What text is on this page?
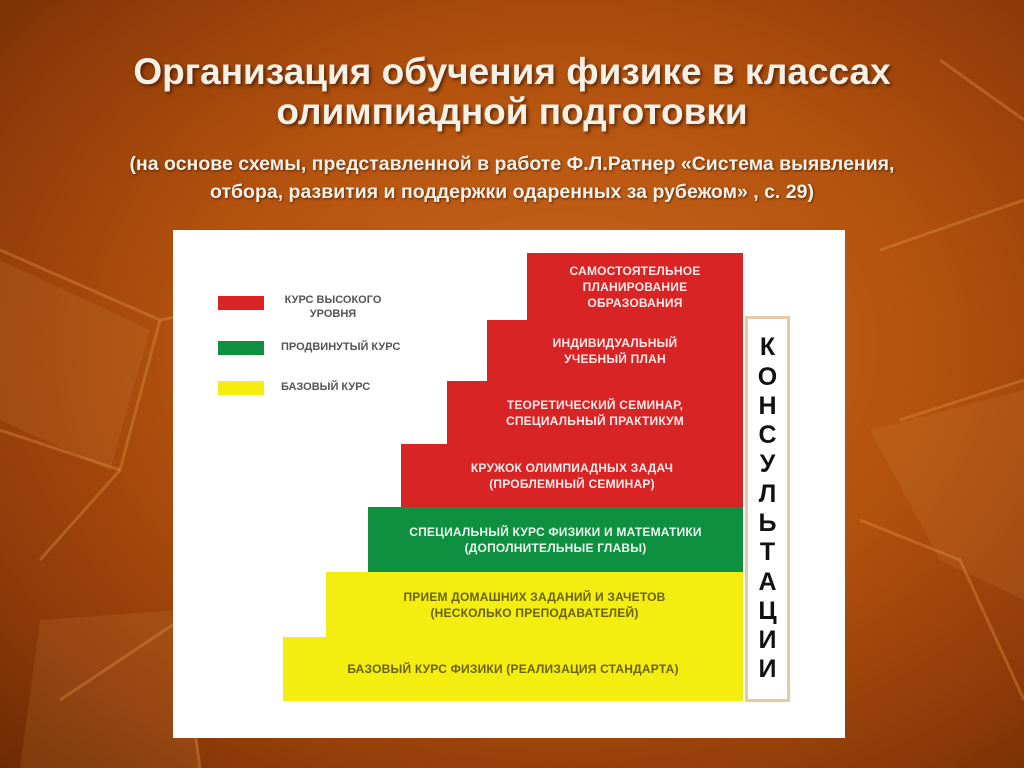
Организация обучения физике в классах
олимпиадной подготовки
(на основе схемы, представленной в работе Ф.Л.Ратнер «Система выявления,
отбора, развития и поддержки одаренных за рубежом» , с. 29)
КУРС ВЫСОКОГО УРОВНЯ
ПРОДВИНУТЫЙ КУРС
БАЗОВЫЙ КУРС
САМОСТОЯТЕЛЬНОЕ
ПЛАНИРОВАНИЕ
ОБРАЗОВАНИЯ
ИНДИВИДУАЛЬНЫЙ
УЧЕБНЫЙ ПЛАН
ТЕОРЕТИЧЕСКИЙ СЕМИНАР,
СПЕЦИАЛЬНЫЙ ПРАКТИКУМ
КРУЖОК ОЛИМПИАДНЫХ ЗАДАЧ
(ПРОБЛЕМНЫЙ СЕМИНАР)
СПЕЦИАЛЬНЫЙ КУРС ФИЗИКИ И МАТЕМАТИКИ
(ДОПОЛНИТЕЛЬНЫЕ ГЛАВЫ)
ПРИЕМ ДОМАШНИХ ЗАДАНИЙ И ЗАЧЕТОВ
(НЕСКОЛЬКО ПРЕПОДАВАТЕЛЕЙ)
БАЗОВЫЙ КУРС ФИЗИКИ (РЕАЛИЗАЦИЯ СТАНДАРТА)
К
О
Н
С
У
Л
Ь
Т
А
Ц
И
И
